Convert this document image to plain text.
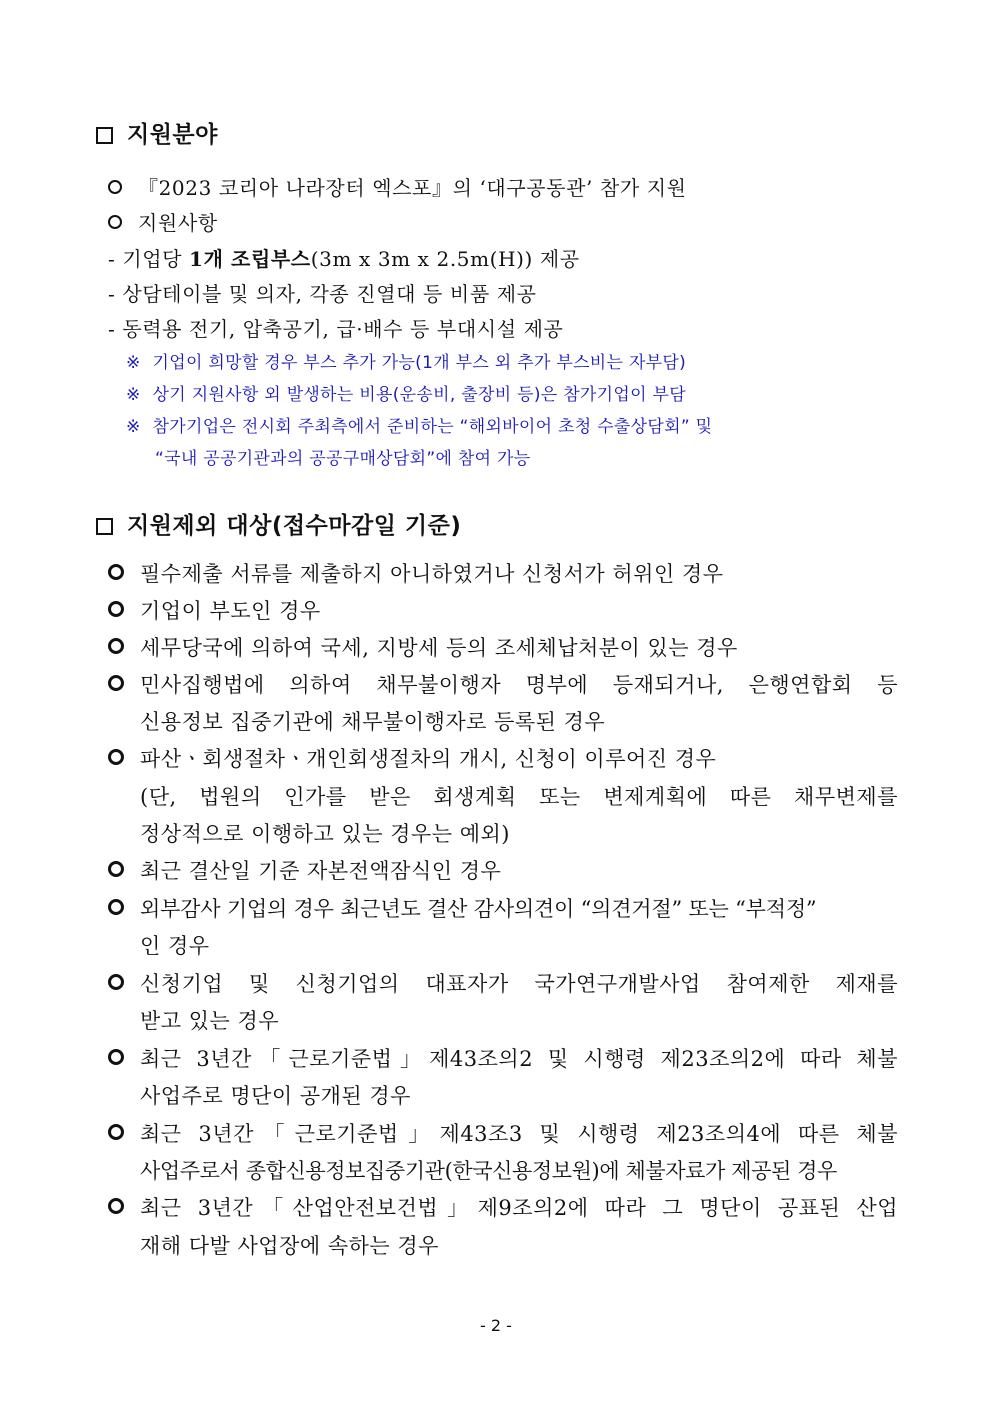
지원분야
『2023 코리아 나라장터 엑스포』의 ‘대구공동관’ 참가 지원
지원사항
- 기업당 1개 조립부스(3m x 3m x 2.5m(H)) 제공
- 상담테이블 및 의자, 각종 진열대 등 비품 제공
- 동력용 전기, 압축공기, 급·배수 등 부대시설 제공
※ 기업이 희망할 경우 부스 추가 가능(1개 부스 외 추가 부스비는 자부담)
※ 상기 지원사항 외 발생하는 비용(운송비, 출장비 등)은 참가기업이 부담
※ 참가기업은 전시회 주최측에서 준비하는 “해외바이어 초청 수출상담회” 및
“국내 공공기관과의 공공구매상담회”에 참여 가능
지원제외 대상(접수마감일 기준)
필수제출 서류를 제출하지 아니하였거나 신청서가 허위인 경우
기업이 부도인 경우
세무당국에 의하여 국세, 지방세 등의 조세체납처분이 있는 경우
민사집행법에 의하여 채무불이행자 명부에 등재되거나, 은행연합회 등
신용정보 집중기관에 채무불이행자로 등록된 경우
파산ㆍ회생절차ㆍ개인회생절차의 개시, 신청이 이루어진 경우
(단, 법원의 인가를 받은 회생계획 또는 변제계획에 따른 채무변제를
정상적으로 이행하고 있는 경우는 예외)
최근 결산일 기준 자본전액잠식인 경우
외부감사 기업의 경우 최근년도 결산 감사의견이 “의견거절” 또는 “부적정”
인 경우
신청기업 및 신청기업의 대표자가 국가연구개발사업 참여제한 제재를
받고 있는 경우
최근 3년간「근로기준법」제43조의2 및 시행령 제23조의2에 따라 체불
사업주로 명단이 공개된 경우
최근 3년간「근로기준법」제43조3 및 시행령 제23조의4에 따른 체불
사업주로서 종합신용정보집중기관(한국신용정보원)에 체불자료가 제공된 경우
최근 3년간「산업안전보건법」제9조의2에 따라 그 명단이 공표된 산업
재해 다발 사업장에 속하는 경우
- 2 -
